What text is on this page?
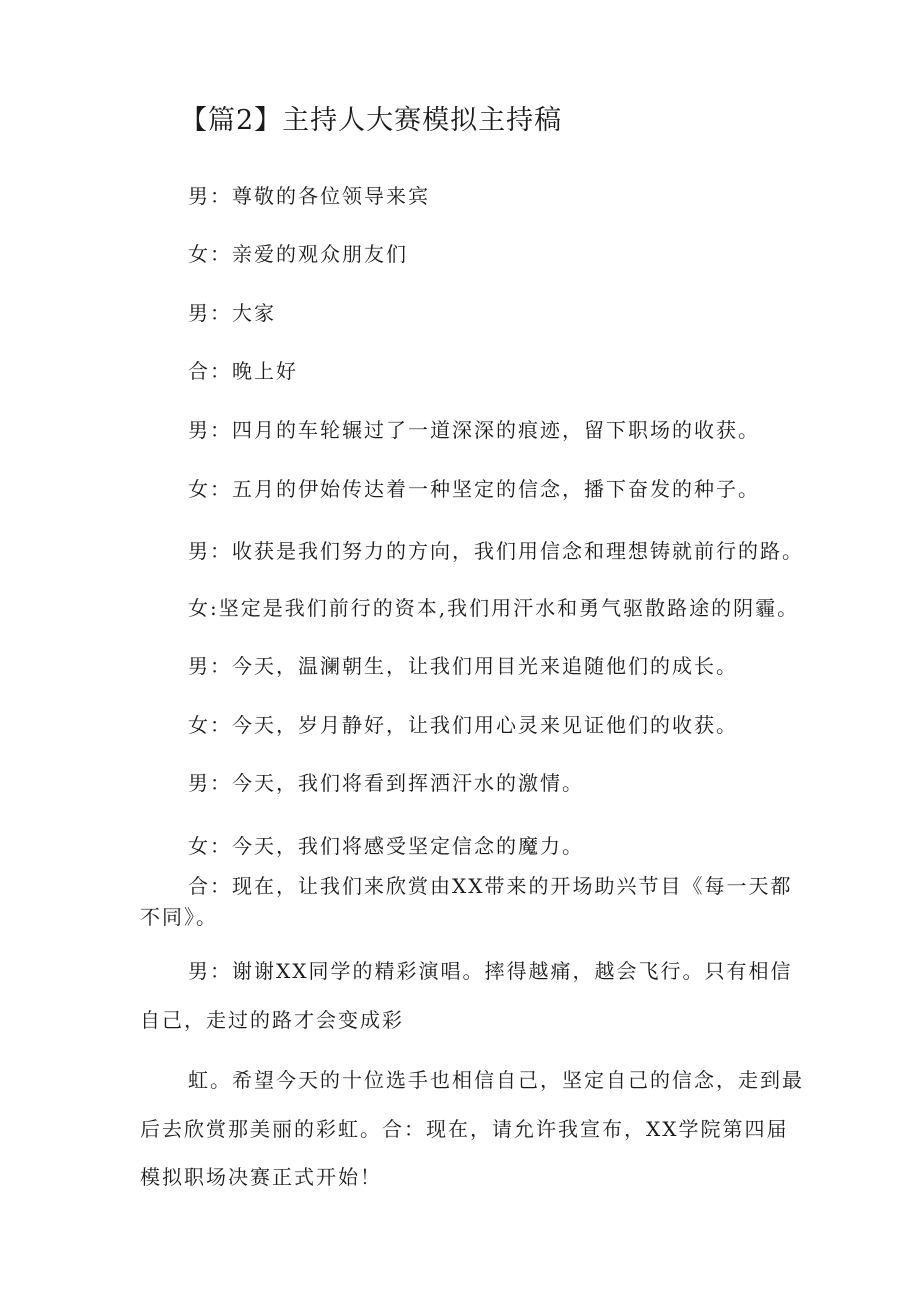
【篇2】主持人大赛模拟主持稿

男：尊敬的各位领导来宾

女：亲爱的观众朋友们

男：大家

合：晚上好

男：四月的车轮辗过了一道深深的痕迹，留下职场的收获。

女：五月的伊始传达着一种坚定的信念，播下奋发的种子。

男：收获是我们努力的方向，我们用信念和理想铸就前行的路。

女:坚定是我们前行的资本,我们用汗水和勇气驱散路途的阴霾。

男：今天，温澜朝生，让我们用目光来追随他们的成长。

女：今天，岁月静好，让我们用心灵来见证他们的收获。

男：今天，我们将看到挥洒汗水的激情。

女：今天，我们将感受坚定信念的魔力。

合：现在，让我们来欣赏由XX带来的开场助兴节目《每一天都

不同》。

男：谢谢XX同学的精彩演唱。摔得越痛，越会飞行。只有相信

自己，走过的路才会变成彩

虹。希望今天的十位选手也相信自己，坚定自己的信念，走到最

后去欣赏那美丽的彩虹。合：现在，请允许我宣布，XX学院第四届

模拟职场决赛正式开始！
